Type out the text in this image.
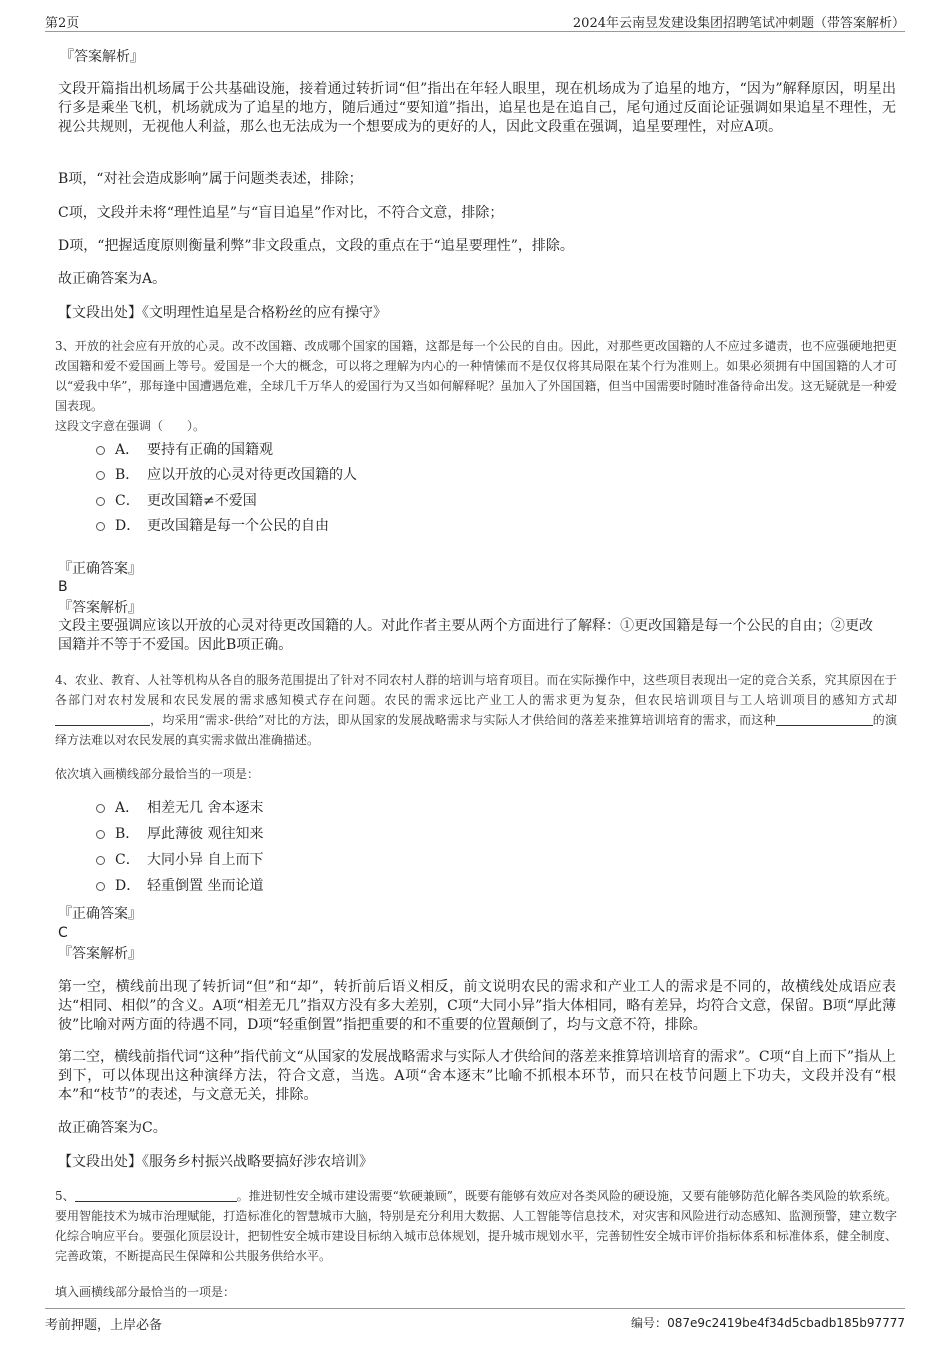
第2页	2024年云南昱发建设集团招聘笔试冲刺题（带答案解析）
『答案解析』
文段开篇指出机场属于公共基础设施，接着通过转折词“但”指出在年轻人眼里，现在机场成为了追星的地方，“因为”解释原因，明星出行多是乘坐飞机，机场就成为了追星的地方，随后通过“要知道”指出，追星也是在追自己，尾句通过反面论证强调如果追星不理性，无视公共规则，无视他人利益，那么也无法成为一个想要成为的更好的人，因此文段重在强调，追星要理性，对应A项。
B项，“对社会造成影响”属于问题类表述，排除；
C项，文段并未将“理性追星”与“盲目追星”作对比，不符合文意，排除；
D项，“把握适度原则衡量利弊”非文段重点，文段的重点在于“追星要理性”，排除。
故正确答案为A。
【文段出处】《文明理性追星是合格粉丝的应有操守》
3、开放的社会应有开放的心灵。改不改国籍、改成哪个国家的国籍，这都是每一个公民的自由。因此，对那些更改国籍的人不应过多谴责，也不应强硬地把更改国籍和爱不爱国画上等号。爱国是一个大的概念，可以将之理解为内心的一种情愫而不是仅仅将其局限在某个行为准则上。如果必须拥有中国国籍的人才可以“爱我中华”，那每逢中国遭遇危难，全球几千万华人的爱国行为又当如何解释呢？虽加入了外国国籍，但当中国需要时随时准备待命出发。这无疑就是一种爱国表现。
这段文字意在强调（　　）。
A． 要持有正确的国籍观
B． 应以开放的心灵对待更改国籍的人
C． 更改国籍≠不爱国
D． 更改国籍是每一个公民的自由
『正确答案』
B
『答案解析』
文段主要强调应该以开放的心灵对待更改国籍的人。对此作者主要从两个方面进行了解释：①更改国籍是每一个公民的自由；②更改国籍并不等于不爱国。因此B项正确。
4、农业、教育、人社等机构从各自的服务范围提出了针对不同农村人群的培训与培育项目。而在实际操作中，这些项目表现出一定的竞合关系，究其原因在于各部门对农村发展和农民发展的需求感知模式存在问题。农民的需求远比产业工人的需求更为复杂，但农民培训项目与工人培训项目的感知方式却，均采用“需求-供给”对比的方法，即从国家的发展战略需求与实际人才供给间的落差来推算培训培育的需求，而这种	的演绎方法难以对农民发展的真实需求做出准确描述。
依次填入画横线部分最恰当的一项是：
A． 相差无几 舍本逐末
B． 厚此薄彼 观往知来
C． 大同小异 自上而下
D． 轻重倒置 坐而论道
『正确答案』
C
『答案解析』
第一空，横线前出现了转折词“但”和“却”，转折前后语义相反，前文说明农民的需求和产业工人的需求是不同的，故横线处成语应表达“相同、相似”的含义。A项“相差无几”指双方没有多大差别，C项“大同小异”指大体相同，略有差异，均符合文意，保留。B项“厚此薄彼”比喻对两方面的待遇不同，D项“轻重倒置”指把重要的和不重要的位置颠倒了，均与文意不符，排除。
第二空，横线前指代词“这种”指代前文“从国家的发展战略需求与实际人才供给间的落差来推算培训培育的需求”。C项“自上而下”指从上到下，可以体现出这种演绎方法，符合文意，当选。A项“舍本逐末”比喻不抓根本环节，而只在枝节问题上下功夫，文段并没有“根本”和“枝节”的表述，与文意无关，排除。
故正确答案为C。
【文段出处】《服务乡村振兴战略要搞好涉农培训》
5、	。推进韧性安全城市建设需要“软硬兼顾”，既要有能够有效应对各类风险的硬设施，又要有能够防范化解各类风险的软系统。要用智能技术为城市治理赋能，打造标准化的智慧城市大脑，特别是充分利用大数据、人工智能等信息技术，对灾害和风险进行动态感知、监测预警，建立数字化综合响应平台。要强化顶层设计，把韧性安全城市建设目标纳入城市总体规划，提升城市规划水平，完善韧性安全城市评价指标体系和标准体系，健全制度、完善政策，不断提高民生保障和公共服务供给水平。
填入画横线部分最恰当的一项是：
考前押题，上岸必备	编号：087e9c2419be4f34d5cbadb185b97777
